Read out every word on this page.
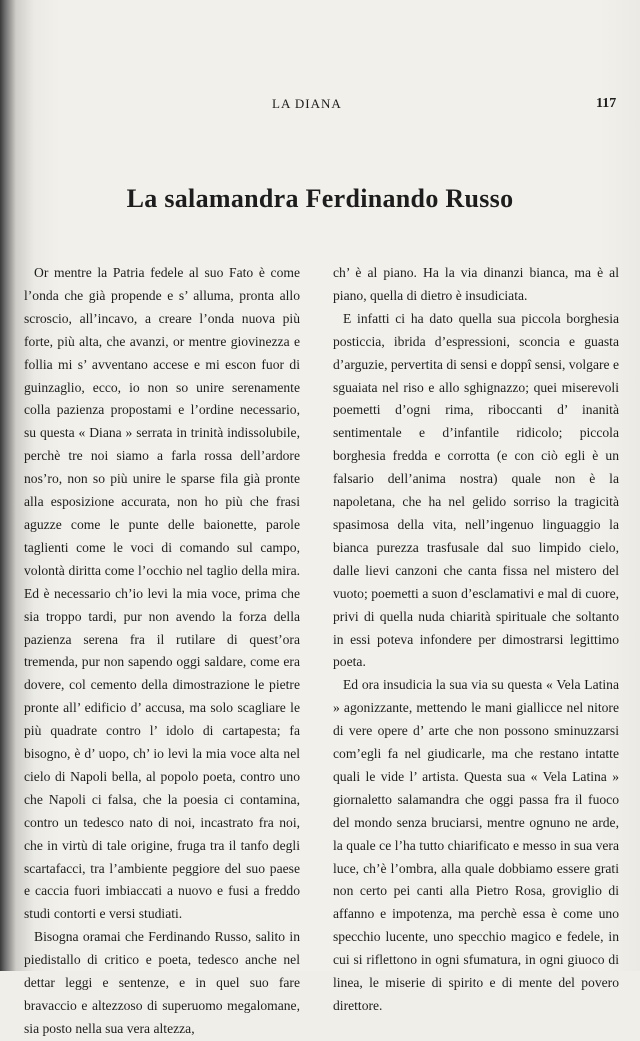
LA DIANA	117
La salamandra Ferdinando Russo

Or mentre la Patria fedele al suo Fato è come l’onda che già propende e s’ alluma, pronta allo scroscio, all’incavo, a creare l’onda nuova più forte, più alta, che avanzi, or mentre giovinezza e follia mi s’ avventano accese e mi escon fuor di guinzaglio, ecco, io non so unire serenamente colla pazienza propostami e l’ordine necessario, su questa « Diana » serrata in trinità indissolubile, perchè tre noi siamo a farla rossa dell’ardore nos’ro, non so più unire le sparse fila già pronte alla esposizione accurata, non ho più che frasi aguzze come le punte delle baionette, parole taglienti come le voci di comando sul campo, volontà diritta come l’occhio nel taglio della mira. Ed è necessario ch’io levi la mia voce, prima che sia troppo tardi, pur non avendo la forza della pazienza serena fra il rutilare di quest’ora tremenda, pur non sapendo oggi saldare, come era dovere, col cemento della dimostrazione le pietre pronte all’ edificio d’ accusa, ma solo scagliare le più quadrate contro l’ idolo di cartapesta; fa bisogno, è d’ uopo, ch’ io levi la mia voce alta nel cielo di Napoli bella, al popolo poeta, contro uno che Napoli ci falsa, che la poesia ci contamina, contro un tedesco nato di noi, incastrato fra noi, che in virtù di tale origine, fruga tra il tanfo degli scartafacci, tra l’ambiente peggiore del suo paese e caccia fuori imbiaccati a nuovo e fusi a freddo studi contorti e versi studiati.

Bisogna oramai che Ferdinando Russo, salito in piedistallo di critico e poeta, tedesco anche nel dettar leggi e sentenze, e in quel suo fare bravaccio e altezzoso di superuomo megalomane, sia posto nella sua vera altezza,

ch’ è al piano. Ha la via dinanzi bianca, ma è al piano, quella di dietro è insudiciata.

E infatti ci ha dato quella sua piccola borghesia posticcia, ibrida d’espressioni, sconcia e guasta d’arguzie, pervertita di sensi e doppî sensi, volgare e sguaiata nel riso e allo sghignazzo; quei miserevoli poemetti d’ogni rima, riboccanti d’ inanità sentimentale e d’infantile ridicolo; piccola borghesia fredda e corrotta (e con ciò egli è un falsario dell’anima nostra) quale non è la napoletana, che ha nel gelido sorriso la tragicità spasimosa della vita, nell’ingenuo linguaggio la bianca purezza trasfusale dal suo limpido cielo, dalle lievi canzoni che canta fissa nel mistero del vuoto; poemetti a suon d’esclamativi e mal di cuore, privi di quella nuda chiarità spirituale che soltanto in essi poteva infondere per dimostrarsi legittimo poeta.

Ed ora insudicia la sua via su questa « Vela Latina » agonizzante, mettendo le mani giallicce nel nitore di vere opere d’ arte che non possono sminuzzarsi com’egli fa nel giudicarle, ma che restano intatte quali le vide l’ artista. Questa sua « Vela Latina » giornaletto salamandra che oggi passa fra il fuoco del mondo senza bruciarsi, mentre ognuno ne arde, la quale ce l’ha tutto chiarificato e messo in sua vera luce, ch’è l’ombra, alla quale dobbiamo essere grati non certo pei canti alla Pietro Rosa, groviglio di affanno e impotenza, ma perchè essa è come uno specchio lucente, uno specchio magico e fedele, in cui si riflettono in ogni sfumatura, in ogni giuoco di linea, le miserie di spirito e di mente del povero direttore.
